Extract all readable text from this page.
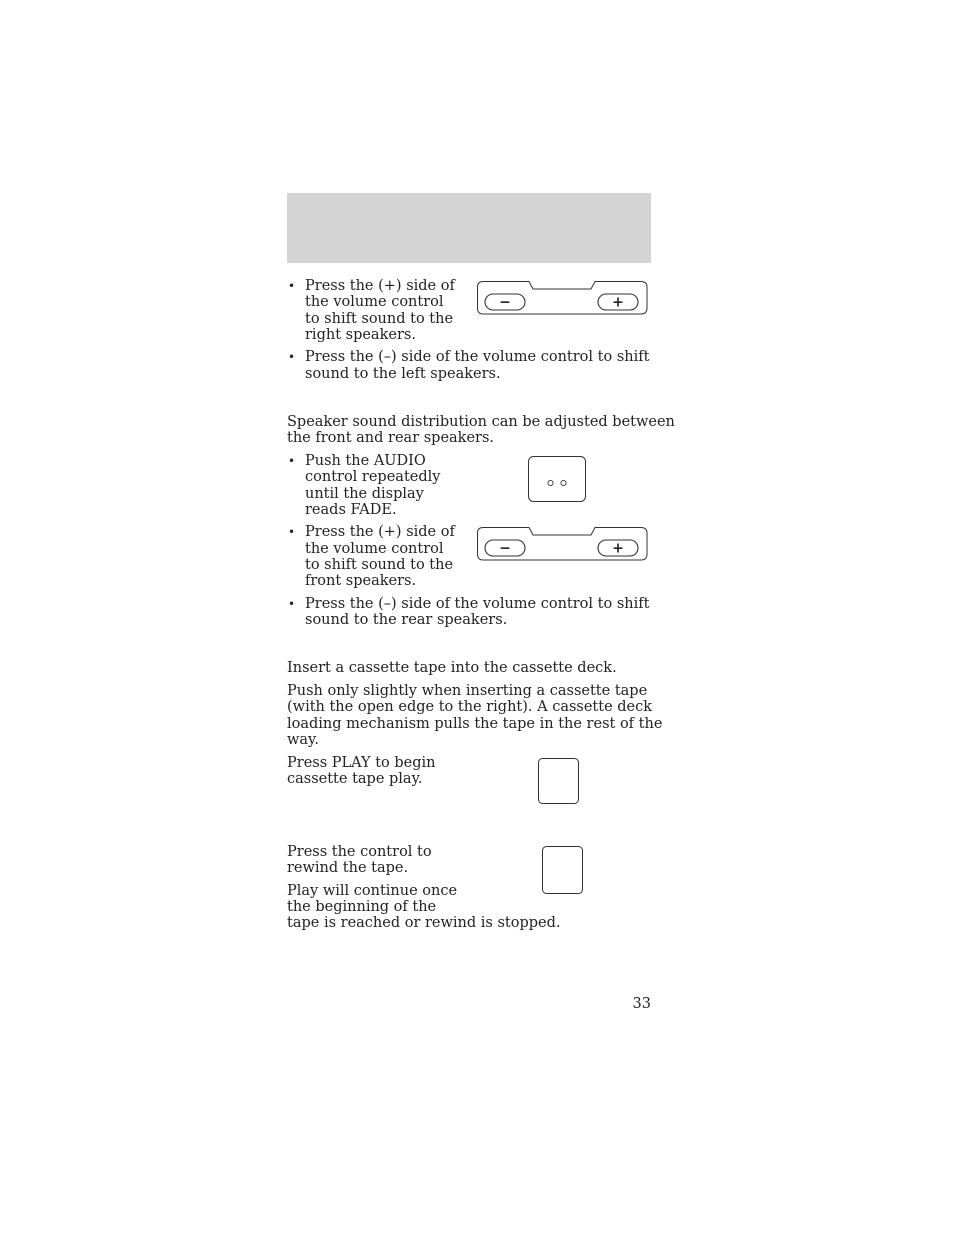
• Press the (+) side of

the volume control

to shift sound to the

right speakers.

−	+
• Press the (–) side of the volume control to shift

sound to the left speakers.

Speaker sound distribution can be adjusted between

the front and rear speakers.

• Push the AUDIO

control repeatedly

until the display

reads FADE.

• Press the (+) side of

the volume control

to shift sound to the

front speakers.

−	+
• Press the (–) side of the volume control to shift

sound to the rear speakers.

Insert a cassette tape into the cassette deck.

Push only slightly when inserting a cassette tape

(with the open edge to the right). A cassette deck

loading mechanism pulls the tape in the rest of the

way.

Press PLAY to begin

cassette tape play.

Press the control to

rewind the tape.

Play will continue once

the beginning of the

tape is reached or rewind is stopped.

33
